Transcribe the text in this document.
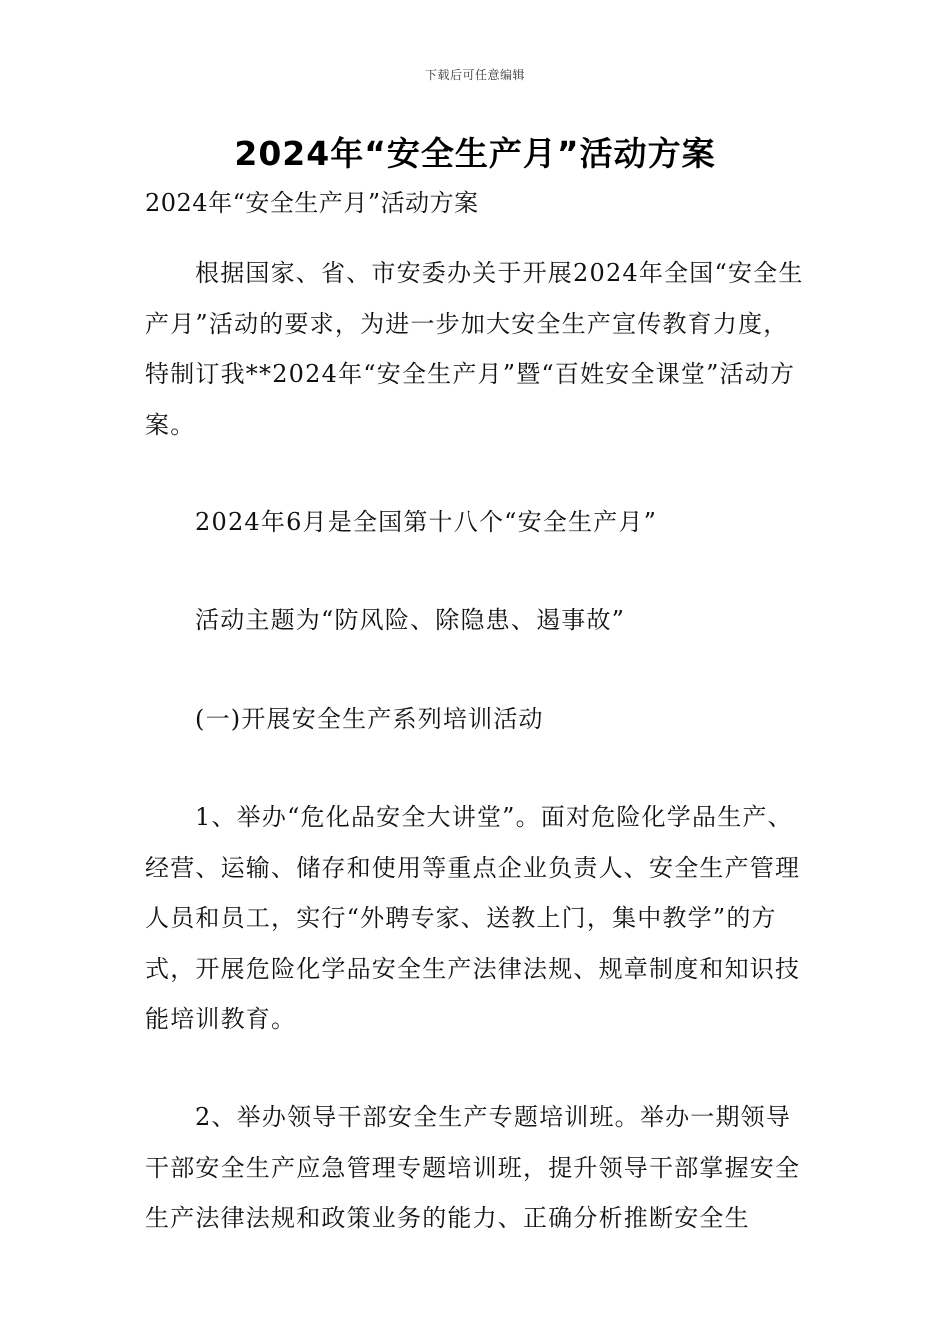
下载后可任意编辑
2024年“安全生产月”活动方案
2024年“安全生产月”活动方案

根据国家、省、市安委办关于开展2024年全国“安全生产月”活动的要求，为进一步加大安全生产宣传教育力度，特制订我**2024年“安全生产月”暨“百姓安全课堂”活动方案。

2024年6月是全国第十八个“安全生产月”

活动主题为“防风险、除隐患、遏事故”

(一)开展安全生产系列培训活动

1、举办“危化品安全大讲堂”。面对危险化学品生产、经营、运输、储存和使用等重点企业负责人、安全生产管理人员和员工，实行“外聘专家、送教上门，集中教学”的方式，开展危险化学品安全生产法律法规、规章制度和知识技能培训教育。

2、举办领导干部安全生产专题培训班。举办一期领导干部安全生产应急管理专题培训班，提升领导干部掌握安全生产法律法规和政策业务的能力、正确分析推断安全生
